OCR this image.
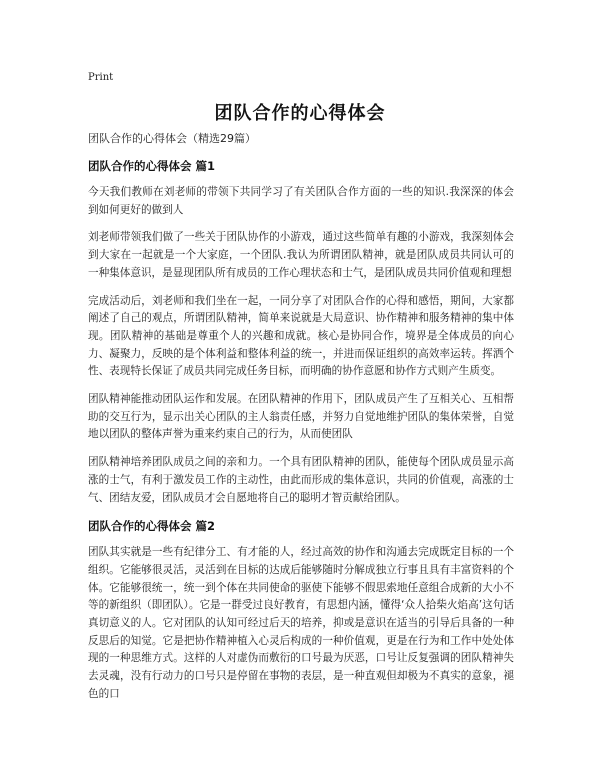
Print
团队合作的心得体会
团队合作的心得体会（精选29篇）
团队合作的心得体会 篇1

今天我们教师在刘老师的带领下共同学习了有关团队合作方面的一些的知识.我深深的体会到如何更好的做到人

刘老师带领我们做了一些关于团队协作的小游戏，通过这些简单有趣的小游戏，我深刻体会到大家在一起就是一个大家庭，一个团队.我认为所谓团队精神，就是团队成员共同认可的一种集体意识，是显现团队所有成员的工作心理状态和士气，是团队成员共同价值观和理想

完成活动后，刘老师和我们坐在一起，一同分享了对团队合作的心得和感悟，期间，大家都阐述了自己的观点，所谓团队精神，简单来说就是大局意识、协作精神和服务精神的集中体现。团队精神的基础是尊重个人的兴趣和成就。核心是协同合作，境界是全体成员的向心力、凝聚力，反映的是个体利益和整体利益的统一，并进而保证组织的高效率运转。挥洒个性、表现特长保证了成员共同完成任务目标，而明确的协作意愿和协作方式则产生质变。

团队精神能推动团队运作和发展。在团队精神的作用下，团队成员产生了互相关心、互相帮助的交互行为，显示出关心团队的主人翁责任感，并努力自觉地维护团队的集体荣誉，自觉地以团队的整体声誉为重来约束自己的行为，从而使团队

团队精神培养团队成员之间的亲和力。一个具有团队精神的团队，能使每个团队成员显示高涨的士气，有利于激发员工作的主动性，由此而形成的集体意识，共同的价值观，高涨的士气、团结友爱，团队成员才会自愿地将自己的聪明才智贡献给团队。

团队合作的心得体会 篇2

团队其实就是一些有纪律分工、有才能的人，经过高效的协作和沟通去完成既定目标的一个组织。它能够很灵活，灵活到在目标的达成后能够随时分解成独立行事且具有丰富资料的个体。它能够很统一，统一到个体在共同使命的驱使下能够不假思索地任意组合成新的大小不等的新组织（即团队）。它是一群受过良好教育，有思想内涵，懂得‘众人拾柴火焰高’这句话真切意义的人。它对团队的认知可经过后天的培养，抑或是意识在适当的引导后具备的一种反思后的知觉。它是把协作精神植入心灵后构成的一种价值观，更是在行为和工作中处处体现的一种思维方式。这样的人对虚伪而敷衍的口号最为厌恶，口号让反复强调的团队精神失去灵魂，没有行动力的口号只是停留在事物的表层，是一种直观但却极为不真实的意象，褪色的口
